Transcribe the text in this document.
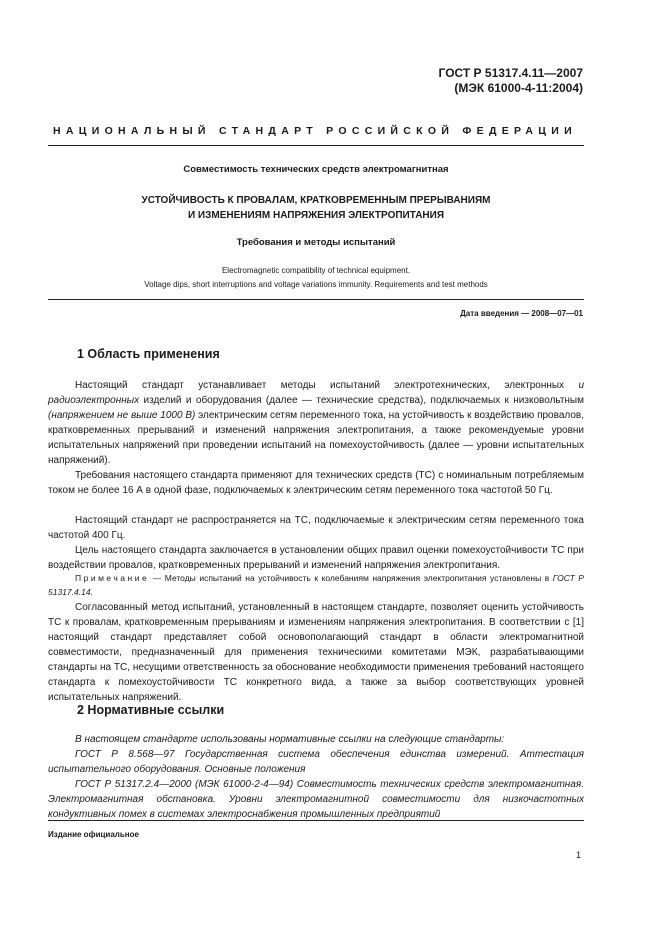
ГОСТ Р 51317.4.11—2007
(МЭК 61000-4-11:2004)
НАЦИОНАЛЬНЫЙ СТАНДАРТ РОССИЙСКОЙ ФЕДЕРАЦИИ
Совместимость технических средств электромагнитная
УСТОЙЧИВОСТЬ К ПРОВАЛАМ, КРАТКОВРЕМЕННЫМ ПРЕРЫВАНИЯМ
И ИЗМЕНЕНИЯМ НАПРЯЖЕНИЯ ЭЛЕКТРОПИТАНИЯ
Требования и методы испытаний
Electromagnetic compatibility of technical equipment.
Voltage dips, short interruptions and voltage variations immunity. Requirements and test methods
Дата введения — 2008—07—01
1 Область применения
Настоящий стандарт устанавливает методы испытаний электротехнических, электронных и радиоэлектронных изделий и оборудования (далее — технические средства), подключаемых к низковольтным (напряжением не выше 1000 В) электрическим сетям переменного тока, на устойчивость к воздействию провалов, кратковременных прерываний и изменений напряжения электропитания, а также рекомендуемые уровни испытательных напряжений при проведении испытаний на помехоустойчивость (далее — уровни испытательных напряжений).
Требования настоящего стандарта применяют для технических средств (ТС) с номинальным потребляемым током не более 16 А в одной фазе, подключаемых к электрическим сетям переменного тока частотой 50 Гц.
Настоящий стандарт не распространяется на ТС, подключаемые к электрическим сетям переменного тока частотой 400 Гц.
Цель настоящего стандарта заключается в установлении общих правил оценки помехоустойчивости ТС при воздействии провалов, кратковременных прерываний и изменений напряжения электропитания.
Примечание — Методы испытаний на устойчивость к колебаниям напряжения электропитания установлены в ГОСТ Р 51317.4.14.
Согласованный метод испытаний, установленный в настоящем стандарте, позволяет оценить устойчивость ТС к провалам, кратковременным прерываниям и изменениям напряжения электропитания. В соответствии с [1] настоящий стандарт представляет собой основополагающий стандарт в области электромагнитной совместимости, предназначенный для применения техническими комитетами МЭК, разрабатывающими стандарты на ТС, несущими ответственность за обоснование необходимости применения требований настоящего стандарта к помехоустойчивости ТС конкретного вида, а также за выбор соответствующих уровней испытательных напряжений.
2 Нормативные ссылки
В настоящем стандарте использованы нормативные ссылки на следующие стандарты:
ГОСТ Р 8.568—97 Государственная система обеспечения единства измерений. Аттестация испытательного оборудования. Основные положения
ГОСТ Р 51317.2.4—2000 (МЭК 61000-2-4—94) Совместимость технических средств электромагнитная. Электромагнитная обстановка. Уровни электромагнитной совместимости для низкочастотных кондуктивных помех в системах электроснабжения промышленных предприятий
Издание официальное
1
